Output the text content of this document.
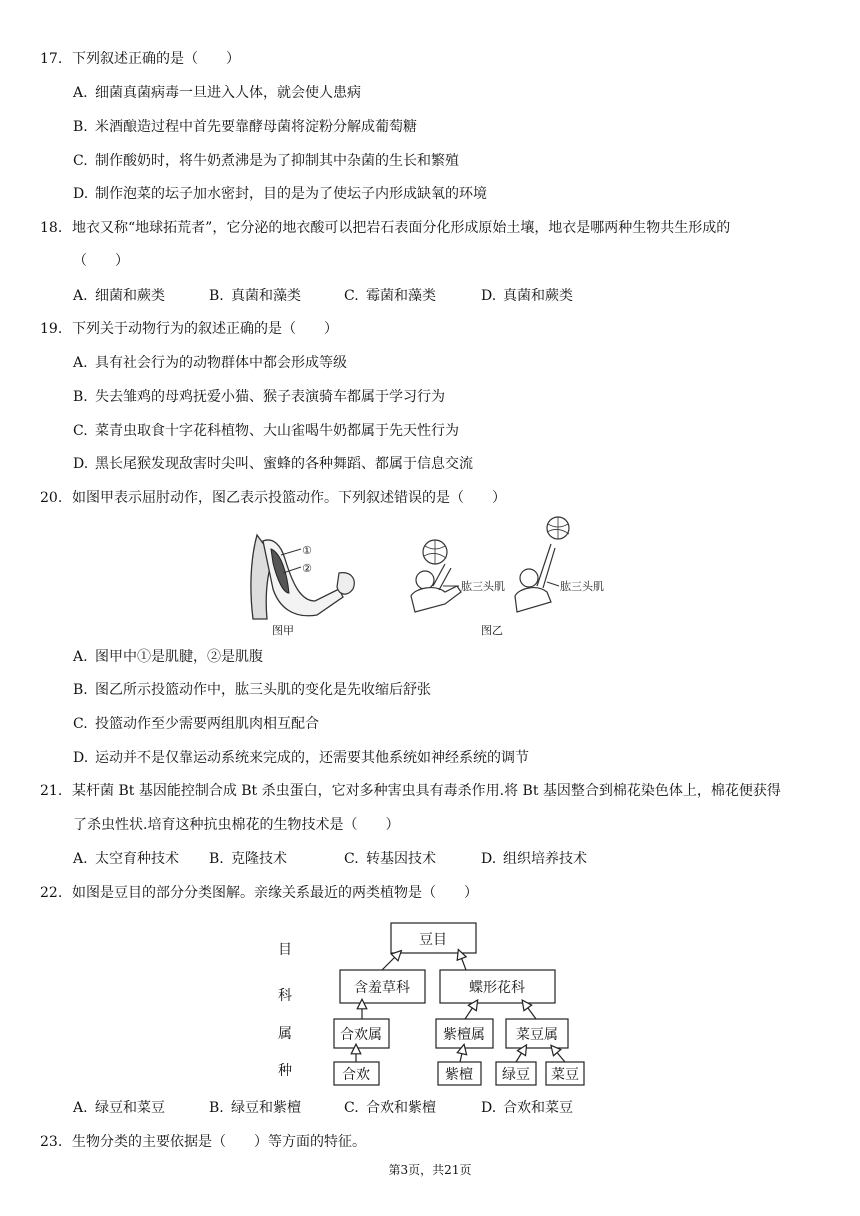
17. 下列叙述正确的是（　　）
A. 细菌真菌病毒一旦进入人体，就会使人患病
B. 米酒酿造过程中首先要靠酵母菌将淀粉分解成葡萄糖
C. 制作酸奶时，将牛奶煮沸是为了抑制其中杂菌的生长和繁殖
D. 制作泡菜的坛子加水密封，目的是为了使坛子内形成缺氧的环境
18. 地衣又称“地球拓荒者”，它分泌的地衣酸可以把岩石表面分化形成原始土壤，地衣是哪两种生物共生形成的
（　　）
A. 细菌和蕨类	B. 真菌和藻类	C. 霉菌和藻类	D. 真菌和蕨类
19. 下列关于动物行为的叙述正确的是（　　）
A. 具有社会行为的动物群体中都会形成等级
B. 失去雏鸡的母鸡抚爱小猫、猴子表演骑车都属于学习行为
C. 菜青虫取食十字花科植物、大山雀喝牛奶都属于先天性行为
D. 黑长尾猴发现敌害时尖叫、蜜蜂的各种舞蹈、都属于信息交流
20. 如图甲表示屈肘动作，图乙表示投篮动作。下列叙述错误的是（　　）
①
②
图甲
肱三头肌	肱三头肌
图乙
A. 图甲中①是肌腱，②是肌腹
B. 图乙所示投篮动作中，肱三头肌的变化是先收缩后舒张
C. 投篮动作至少需要两组肌肉相互配合
D. 运动并不是仅靠运动系统来完成的，还需要其他系统如神经系统的调节
21. 某杆菌 Bt 基因能控制合成 Bt 杀虫蛋白，它对多种害虫具有毒杀作用.将 Bt 基因整合到棉花染色体上，棉花便获得
了杀虫性状.培育这种抗虫棉花的生物技术是（　　）
A. 太空育种技术 B. 克隆技术	C. 转基因技术	D. 组织培养技术
22. 如图是豆目的部分分类图解。亲缘关系最近的两类植物是（　　）
目
科
属
种
豆目
含羞草科	蝶形花科
合欢属	紫檀属 菜豆属
合欢	紫檀 绿豆 菜豆
A. 绿豆和菜豆	B. 绿豆和紫檀	C. 合欢和紫檀	D. 合欢和菜豆
23. 生物分类的主要依据是（　　）等方面的特征。
第3页，共21页
